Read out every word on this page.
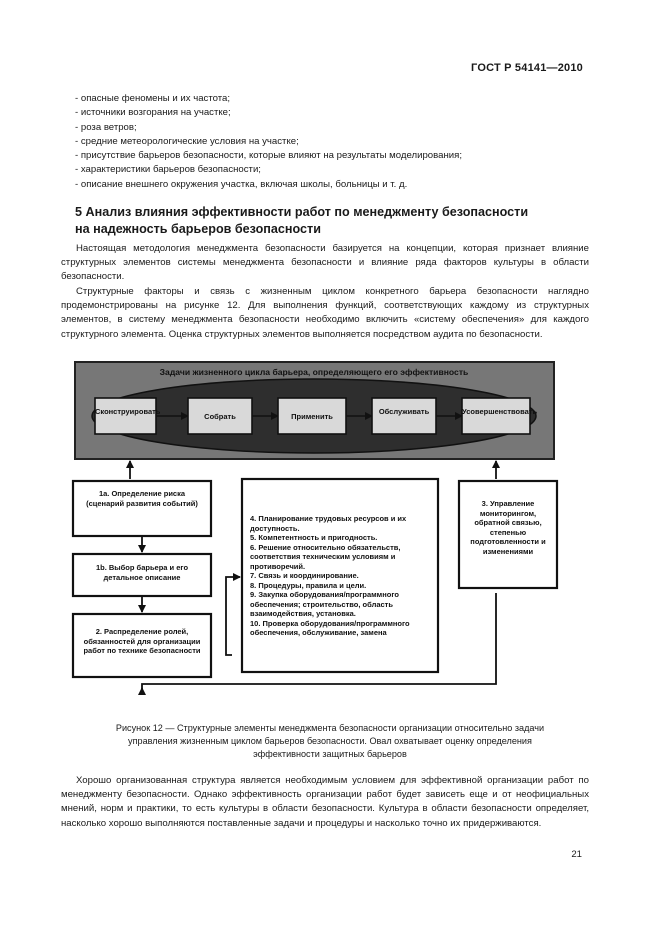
ГОСТ Р 54141—2010
- опасные феномены и их частота;
- источники возгорания на участке;
- роза ветров;
- средние метеорологические условия на участке;
- присутствие барьеров безопасности, которые влияют на результаты моделирования;
- характеристики барьеров безопасности;
- описание внешнего окружения участка, включая школы, больницы и т. д.
5 Анализ влияния эффективности работ по менеджменту безопасности
на надежность барьеров безопасности
Настоящая методология менеджмента безопасности базируется на концепции, которая признает влияние структурных элементов системы менеджмента безопасности и влияние ряда факторов культуры в области безопасности.
Структурные факторы и связь с жизненным циклом конкретного барьера безопасности наглядно продемонстрированы на рисунке 12. Для выполнения функций, соответствующих каждому из структурных элементов, в систему менеджмента безопасности необходимо включить «систему обеспечения» для каждого структурного элемента. Оценка структурных элементов выполняется посредством аудита по безопасности.
Задачи жизненного цикла барьера, определяющего его эффективность
Сконструировать
Собрать	Применить
Обслуживать	Усовершенствовать
1а. Определение риска (сценарий развития событий)
1b. Выбор барьера и его детальное описание
2. Распределение ролей, обязанностей для организации работ по технике безопасности
3. Управление мониторингом, обратной связью, степенью подготовленности и изменениями
4. Планирование трудовых ресурсов и их доступность.
5. Компетентность и пригодность.
6. Решение относительно обязательств, соответствия техническим условиям и противоречий.
7. Связь и координирование.
8. Процедуры, правила и цели.
9. Закупка оборудования/программного обеспечения; строительство, область взаимодействия, установка.
10. Проверка оборудования/программного обеспечения, обслуживание, замена
Рисунок 12 — Структурные элементы менеджмента безопасности организации относительно задачи
управления жизненным циклом барьеров безопасности. Овал охватывает оценку определения
эффективности защитных барьеров
Хорошо организованная структура является необходимым условием для эффективной организации работ по менеджменту безопасности. Однако эффективность организации работ будет зависеть еще и от неофициальных мнений, норм и практики, то есть культуры в области безопасности. Культура в области безопасности определяет, насколько хорошо выполняются поставленные задачи и процедуры и насколько точно их придерживаются.
21
